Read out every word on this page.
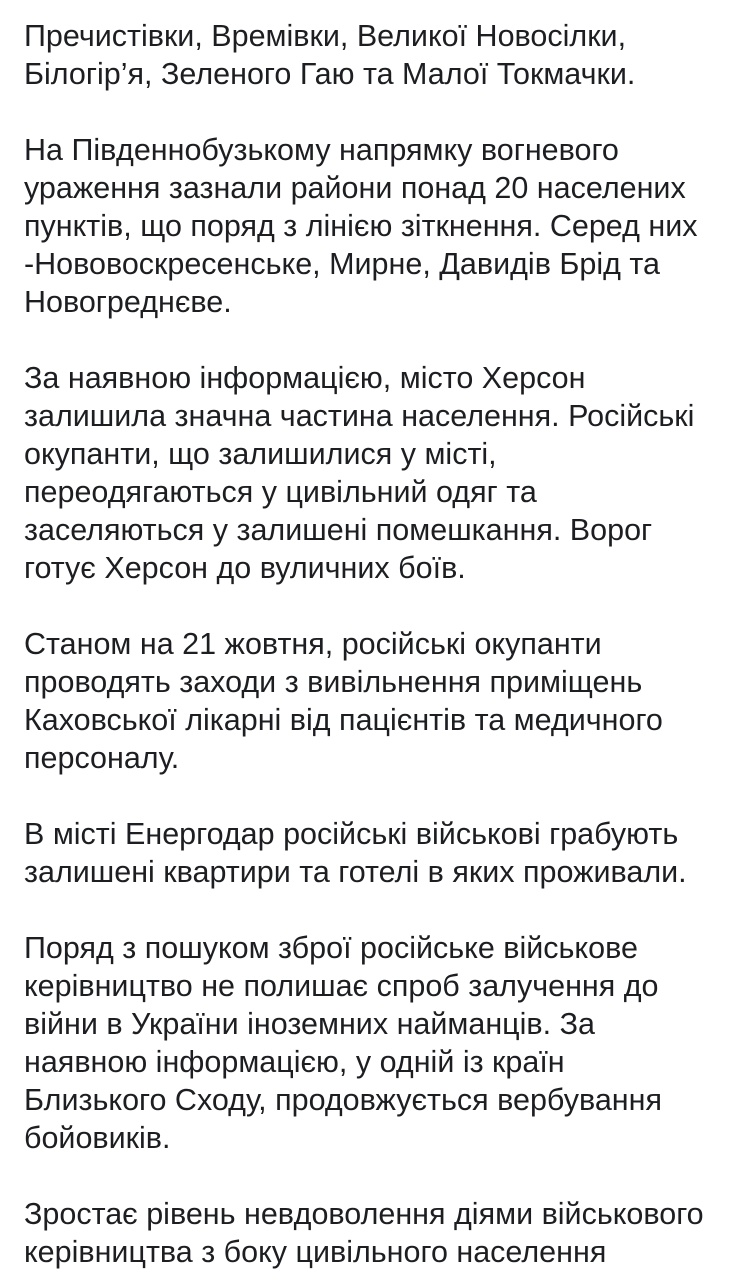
Пречистівки, Времівки, Великої Новосілки,
Білогір’я, Зеленого Гаю та Малої Токмачки.
На Південнобузькому напрямку вогневого
ураження зазнали райони понад 20 населених
пунктів, що поряд з лінією зіткнення. Серед них
-Нововоскресенське, Мирне, Давидів Брід та
Новогреднєве.
За наявною інформацією, місто Херсон
залишила значна частина населення. Російські
окупанти, що залишилися у місті,
переодягаються у цивільний одяг та
заселяються у залишені помешкання. Ворог
готує Херсон до вуличних боїв.
Станом на 21 жовтня, російські окупанти
проводять заходи з вивільнення приміщень
Каховської лікарні від пацієнтів та медичного
персоналу.
В місті Енергодар російські військові грабують
залишені квартири та готелі в яких проживали.
Поряд з пошуком зброї російське військове
керівництво не полишає спроб залучення до
війни в України іноземних найманців. За
наявною інформацією, у одній із країн
Близького Сходу, продовжується вербування
бойовиків.
Зростає рівень невдоволення діями військового
керівництва з боку цивільного населення
